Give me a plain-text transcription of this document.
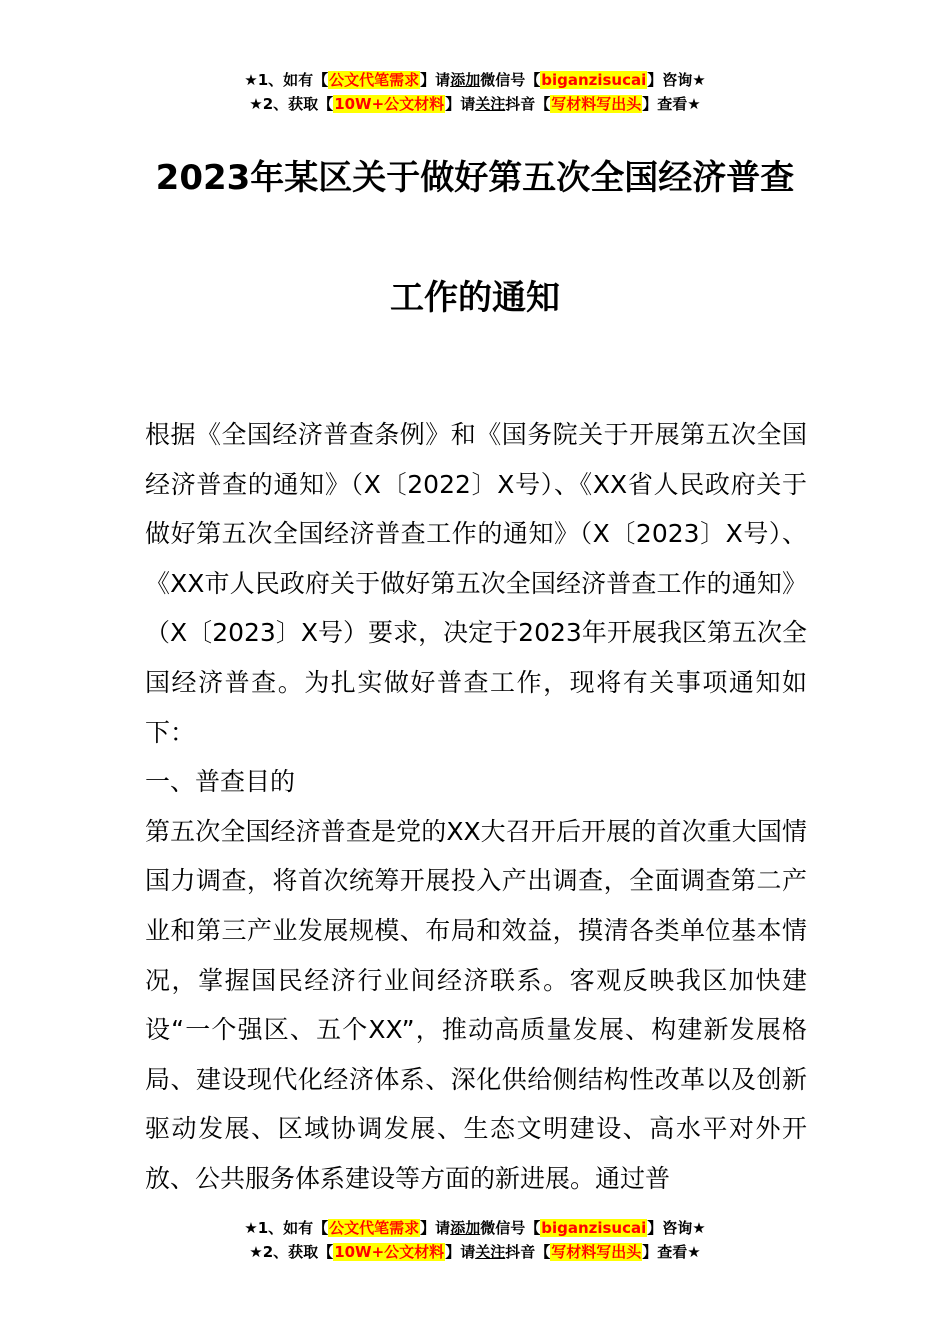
★1、如有【公文代笔需求】请添加微信号【biganzisucai】咨询★
★2、获取【10W+公文材料】请关注抖音【写材料写出头】查看★
2023年某区关于做好第五次全国经济普查
工作的通知

根据《全国经济普查条例》和《国务院关于开展第五次全国经济普查的通知》（X〔2022〕X号）、《XX省人民政府关于做好第五次全国经济普查工作的通知》（X〔2023〕X号）、《XX市人民政府关于做好第五次全国经济普查工作的通知》（X〔2023〕X号）要求，决定于2023年开展我区第五次全国经济普查。为扎实做好普查工作，现将有关事项通知如下：

一、普查目的

第五次全国经济普查是党的XX大召开后开展的首次重大国情国力调查，将首次统筹开展投入产出调查，全面调查第二产业和第三产业发展规模、布局和效益，摸清各类单位基本情况，掌握国民经济行业间经济联系。客观反映我区加快建设“一个强区、五个XX”，推动高质量发展、构建新发展格局、建设现代化经济体系、深化供给侧结构性改革以及创新驱动发展、区域协调发展、生态文明建设、高水平对外开放、公共服务体系建设等方面的新进展。通过普

★1、如有【公文代笔需求】请添加微信号【biganzisucai】咨询★
★2、获取【10W+公文材料】请关注抖音【写材料写出头】查看★
